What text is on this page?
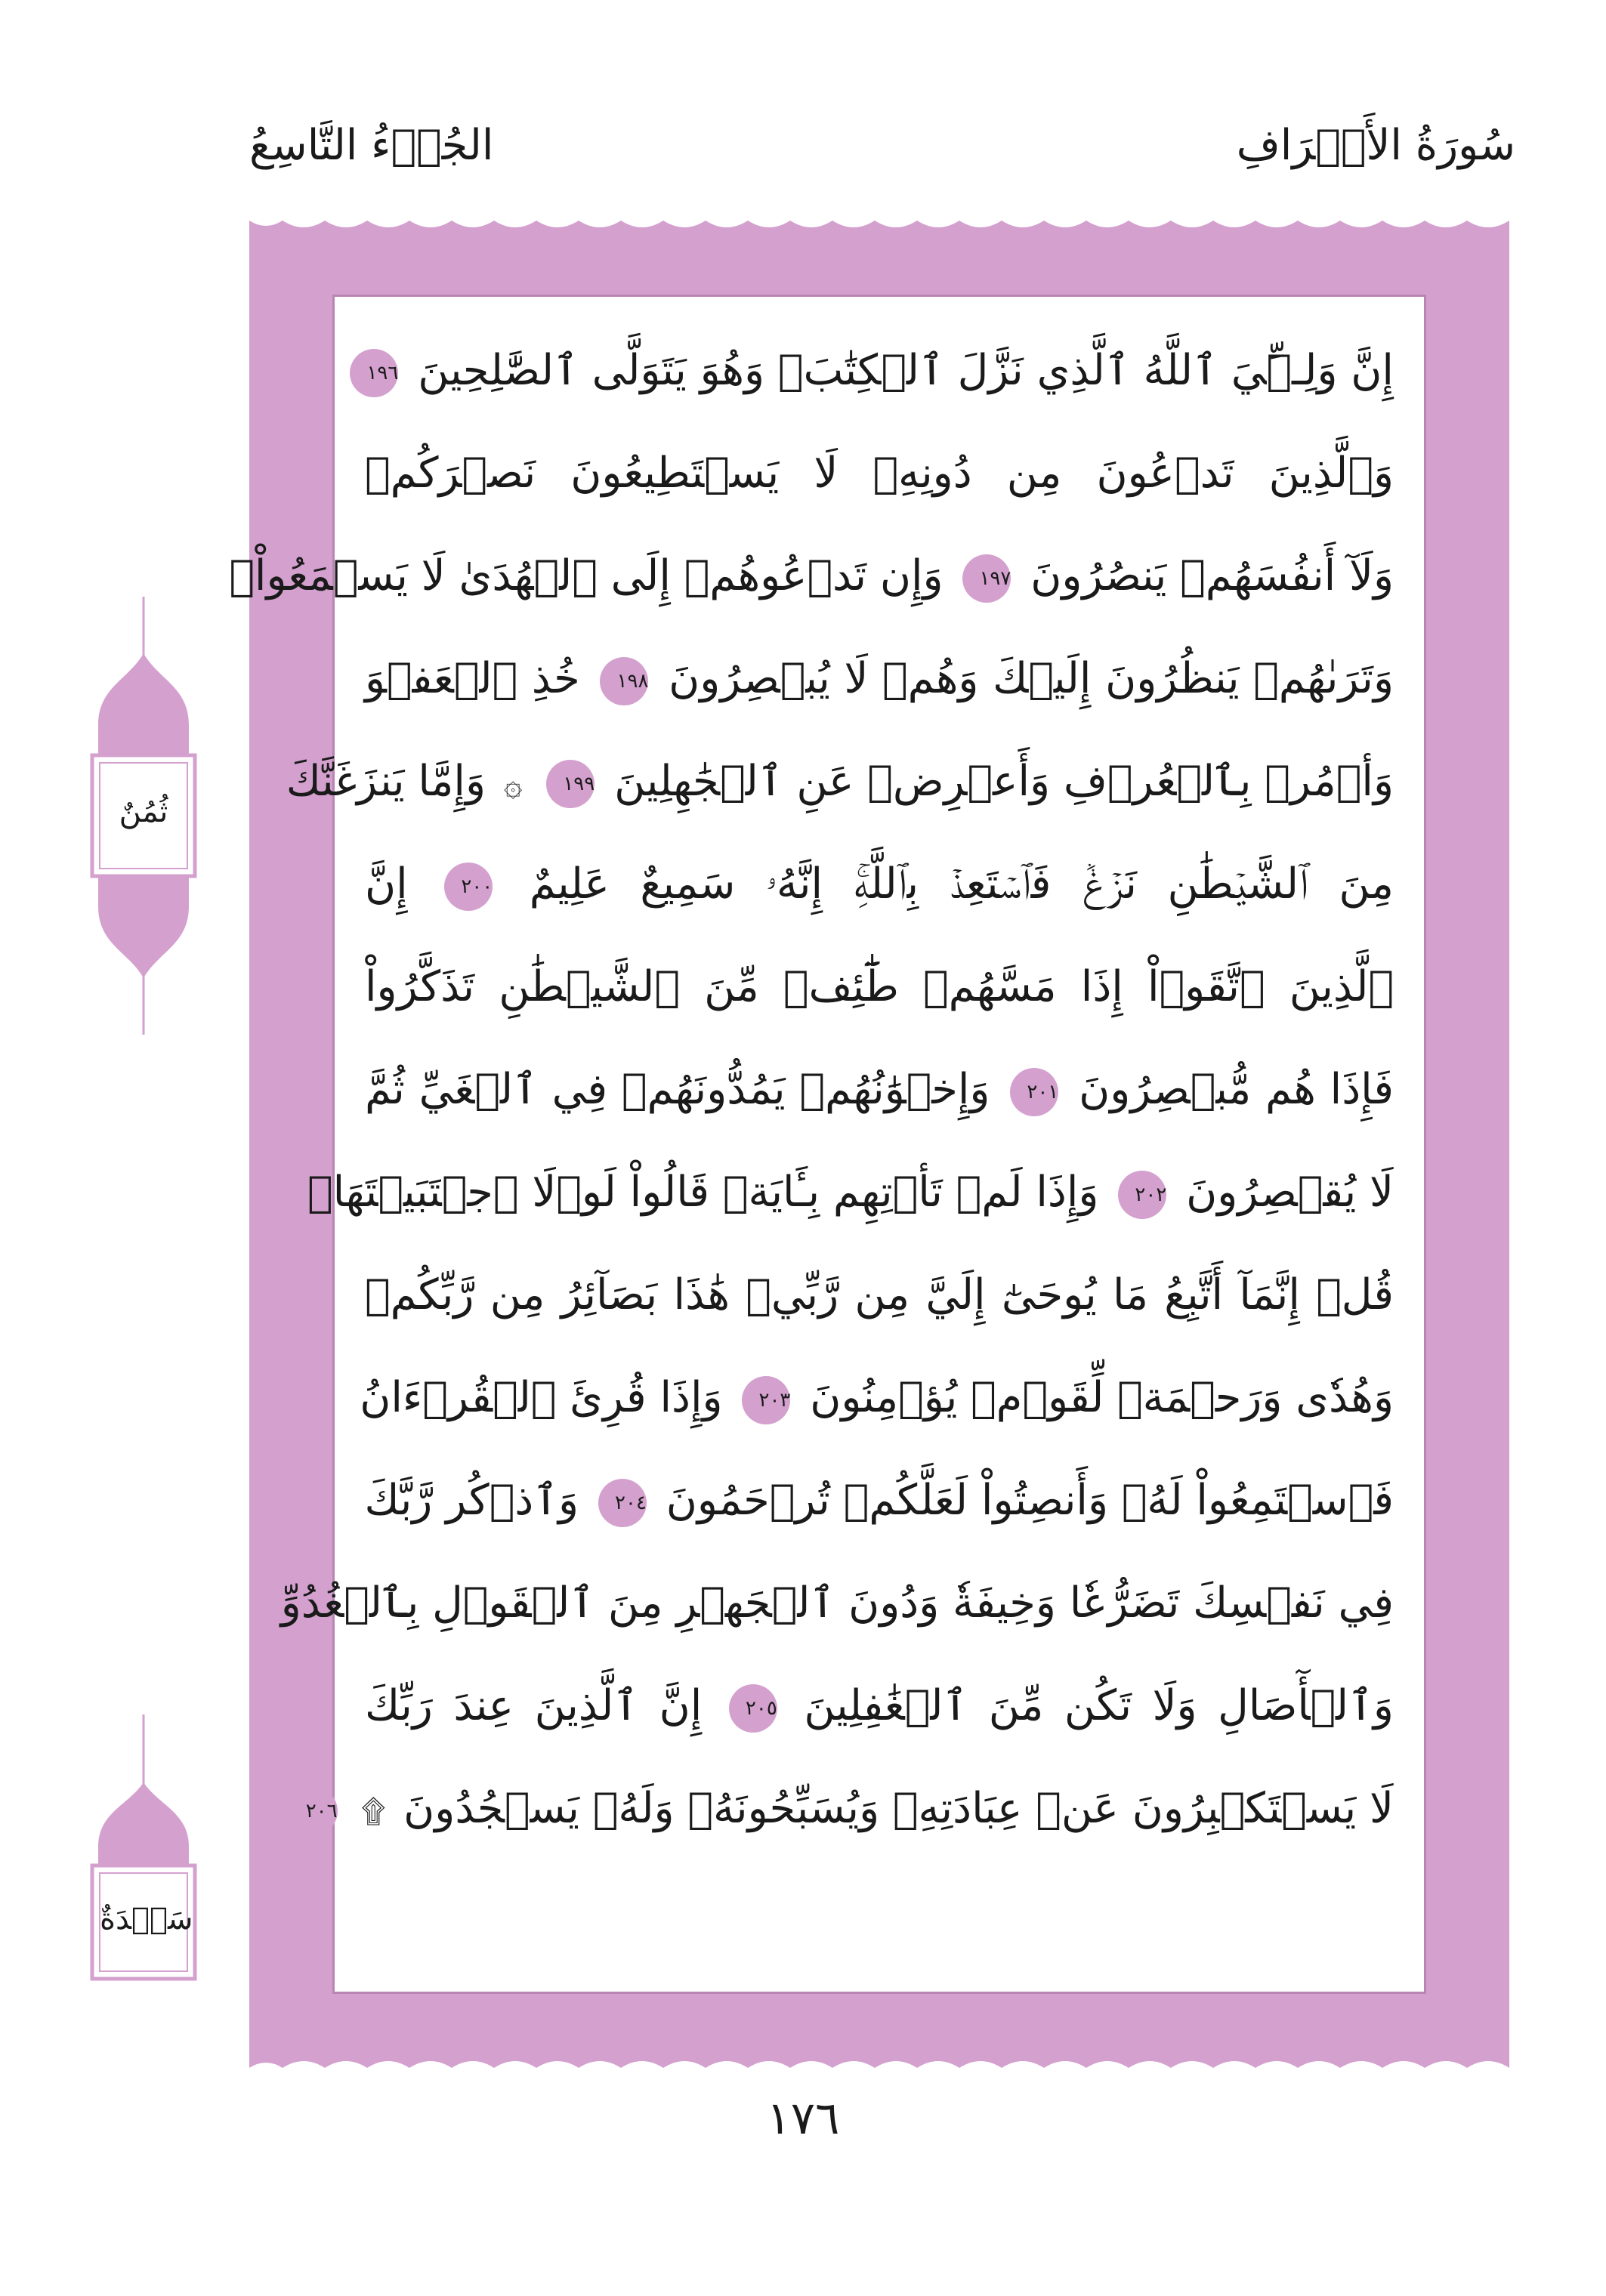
سُورَةُ الأَعۡرَافِ
الجُزۡءُ التَّاسِعُ
إِنَّ وَلِـِّۧيَ ٱللَّهُ ٱلَّذِي نَزَّلَ ٱلۡكِتَٰبَۖ وَهُوَ يَتَوَلَّى ٱلصَّٰلِحِينَ ١٩٦
وَٱلَّذِينَ تَدۡعُونَ مِن دُونِهِۦ لَا يَسۡتَطِيعُونَ نَصۡرَكُمۡ
وَلَآ أَنفُسَهُمۡ يَنصُرُونَ ١٩٧ وَإِن تَدۡعُوهُمۡ إِلَى ٱلۡهُدَىٰ لَا يَسۡمَعُواْۖ
وَتَرَىٰهُمۡ يَنظُرُونَ إِلَيۡكَ وَهُمۡ لَا يُبۡصِرُونَ ١٩٨ خُذِ ٱلۡعَفۡوَ
وَأۡمُرۡ بِٱلۡعُرۡفِ وَأَعۡرِضۡ عَنِ ٱلۡجَٰهِلِينَ ١٩٩ ۞ وَإِمَّا يَنزَغَنَّكَ
مِنَ ٱلشَّيۡطَٰنِ نَزۡغٞ فَٱسۡتَعِذۡ بِٱللَّهِۚ إِنَّهُۥ سَمِيعٌ عَلِيمٌ ٢٠٠ إِنَّ
ٱلَّذِينَ ٱتَّقَوۡاْ إِذَا مَسَّهُمۡ طَٰٓئِفٞ مِّنَ ٱلشَّيۡطَٰنِ تَذَكَّرُواْ
فَإِذَا هُم مُّبۡصِرُونَ ٢٠١ وَإِخۡوَٰنُهُمۡ يَمُدُّونَهُمۡ فِي ٱلۡغَيِّ ثُمَّ
لَا يُقۡصِرُونَ ٢٠٢ وَإِذَا لَمۡ تَأۡتِهِم بِـَٔايَةٖ قَالُواْ لَوۡلَا ٱجۡتَبَيۡتَهَاۚ
قُلۡ إِنَّمَآ أَتَّبِعُ مَا يُوحَىٰٓ إِلَيَّ مِن رَّبِّيۚ هَٰذَا بَصَآئِرُ مِن رَّبِّكُمۡ
وَهُدٗى وَرَحۡمَةٞ لِّقَوۡمٖ يُؤۡمِنُونَ ٢٠٣ وَإِذَا قُرِئَ ٱلۡقُرۡءَانُ
فَٱسۡتَمِعُواْ لَهُۥ وَأَنصِتُواْ لَعَلَّكُمۡ تُرۡحَمُونَ ٢٠٤ وَٱذۡكُر رَّبَّكَ
فِي نَفۡسِكَ تَضَرُّعٗا وَخِيفَةٗ وَدُونَ ٱلۡجَهۡرِ مِنَ ٱلۡقَوۡلِ بِٱلۡغُدُوِّ
وَٱلۡأٓصَالِ وَلَا تَكُن مِّنَ ٱلۡغَٰفِلِينَ ٢٠٥ إِنَّ ٱلَّذِينَ عِندَ رَبِّكَ
لَا يَسۡتَكۡبِرُونَ عَنۡ عِبَادَتِهِۦ وَيُسَبِّحُونَهُۥ وَلَهُۥ يَسۡجُدُونَ ۩ ٢٠٦
ثُمُنٌ
سَجۡدَةٌ
١٧٦
